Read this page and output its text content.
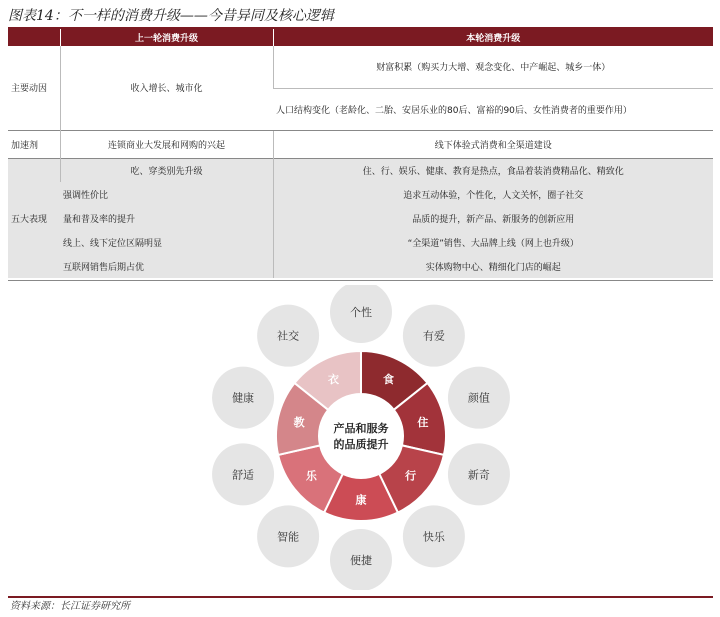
图表14：不一样的消费升级——今昔异同及核心逻辑
	上一轮消费升级	本轮消费升级
主要动因	收入增长、城市化	财富积累（购买力大增、观念变化、中产崛起、城乡一体）
		人口结构变化（老龄化、二胎、安居乐业的80后、富裕的90后、女性消费者的重要作用）
加速剂	连锁商业大发展和网购的兴起	线下体验式消费和全渠道建设
五大表现	吃、穿类别先升级	住、行、娱乐、健康、教育是热点，食品着装消费精品化、精致化
	强调性价比	追求互动体验，个性化，人文关怀，圈子社交
	量和普及率的提升	品质的提升，新产品、新服务的创新应用
	线上、线下定位区隔明显	“全渠道”销售、大品牌上线（网上也升级）
	互联网销售后期占优	实体购物中心、精细化门店的崛起
个性
有爱
颜值
新奇
快乐
便捷
智能
舒适
健康
社交
食
住
行
康
乐
教
衣
产品和服务
的品质提升
资料来源：长江证券研究所
